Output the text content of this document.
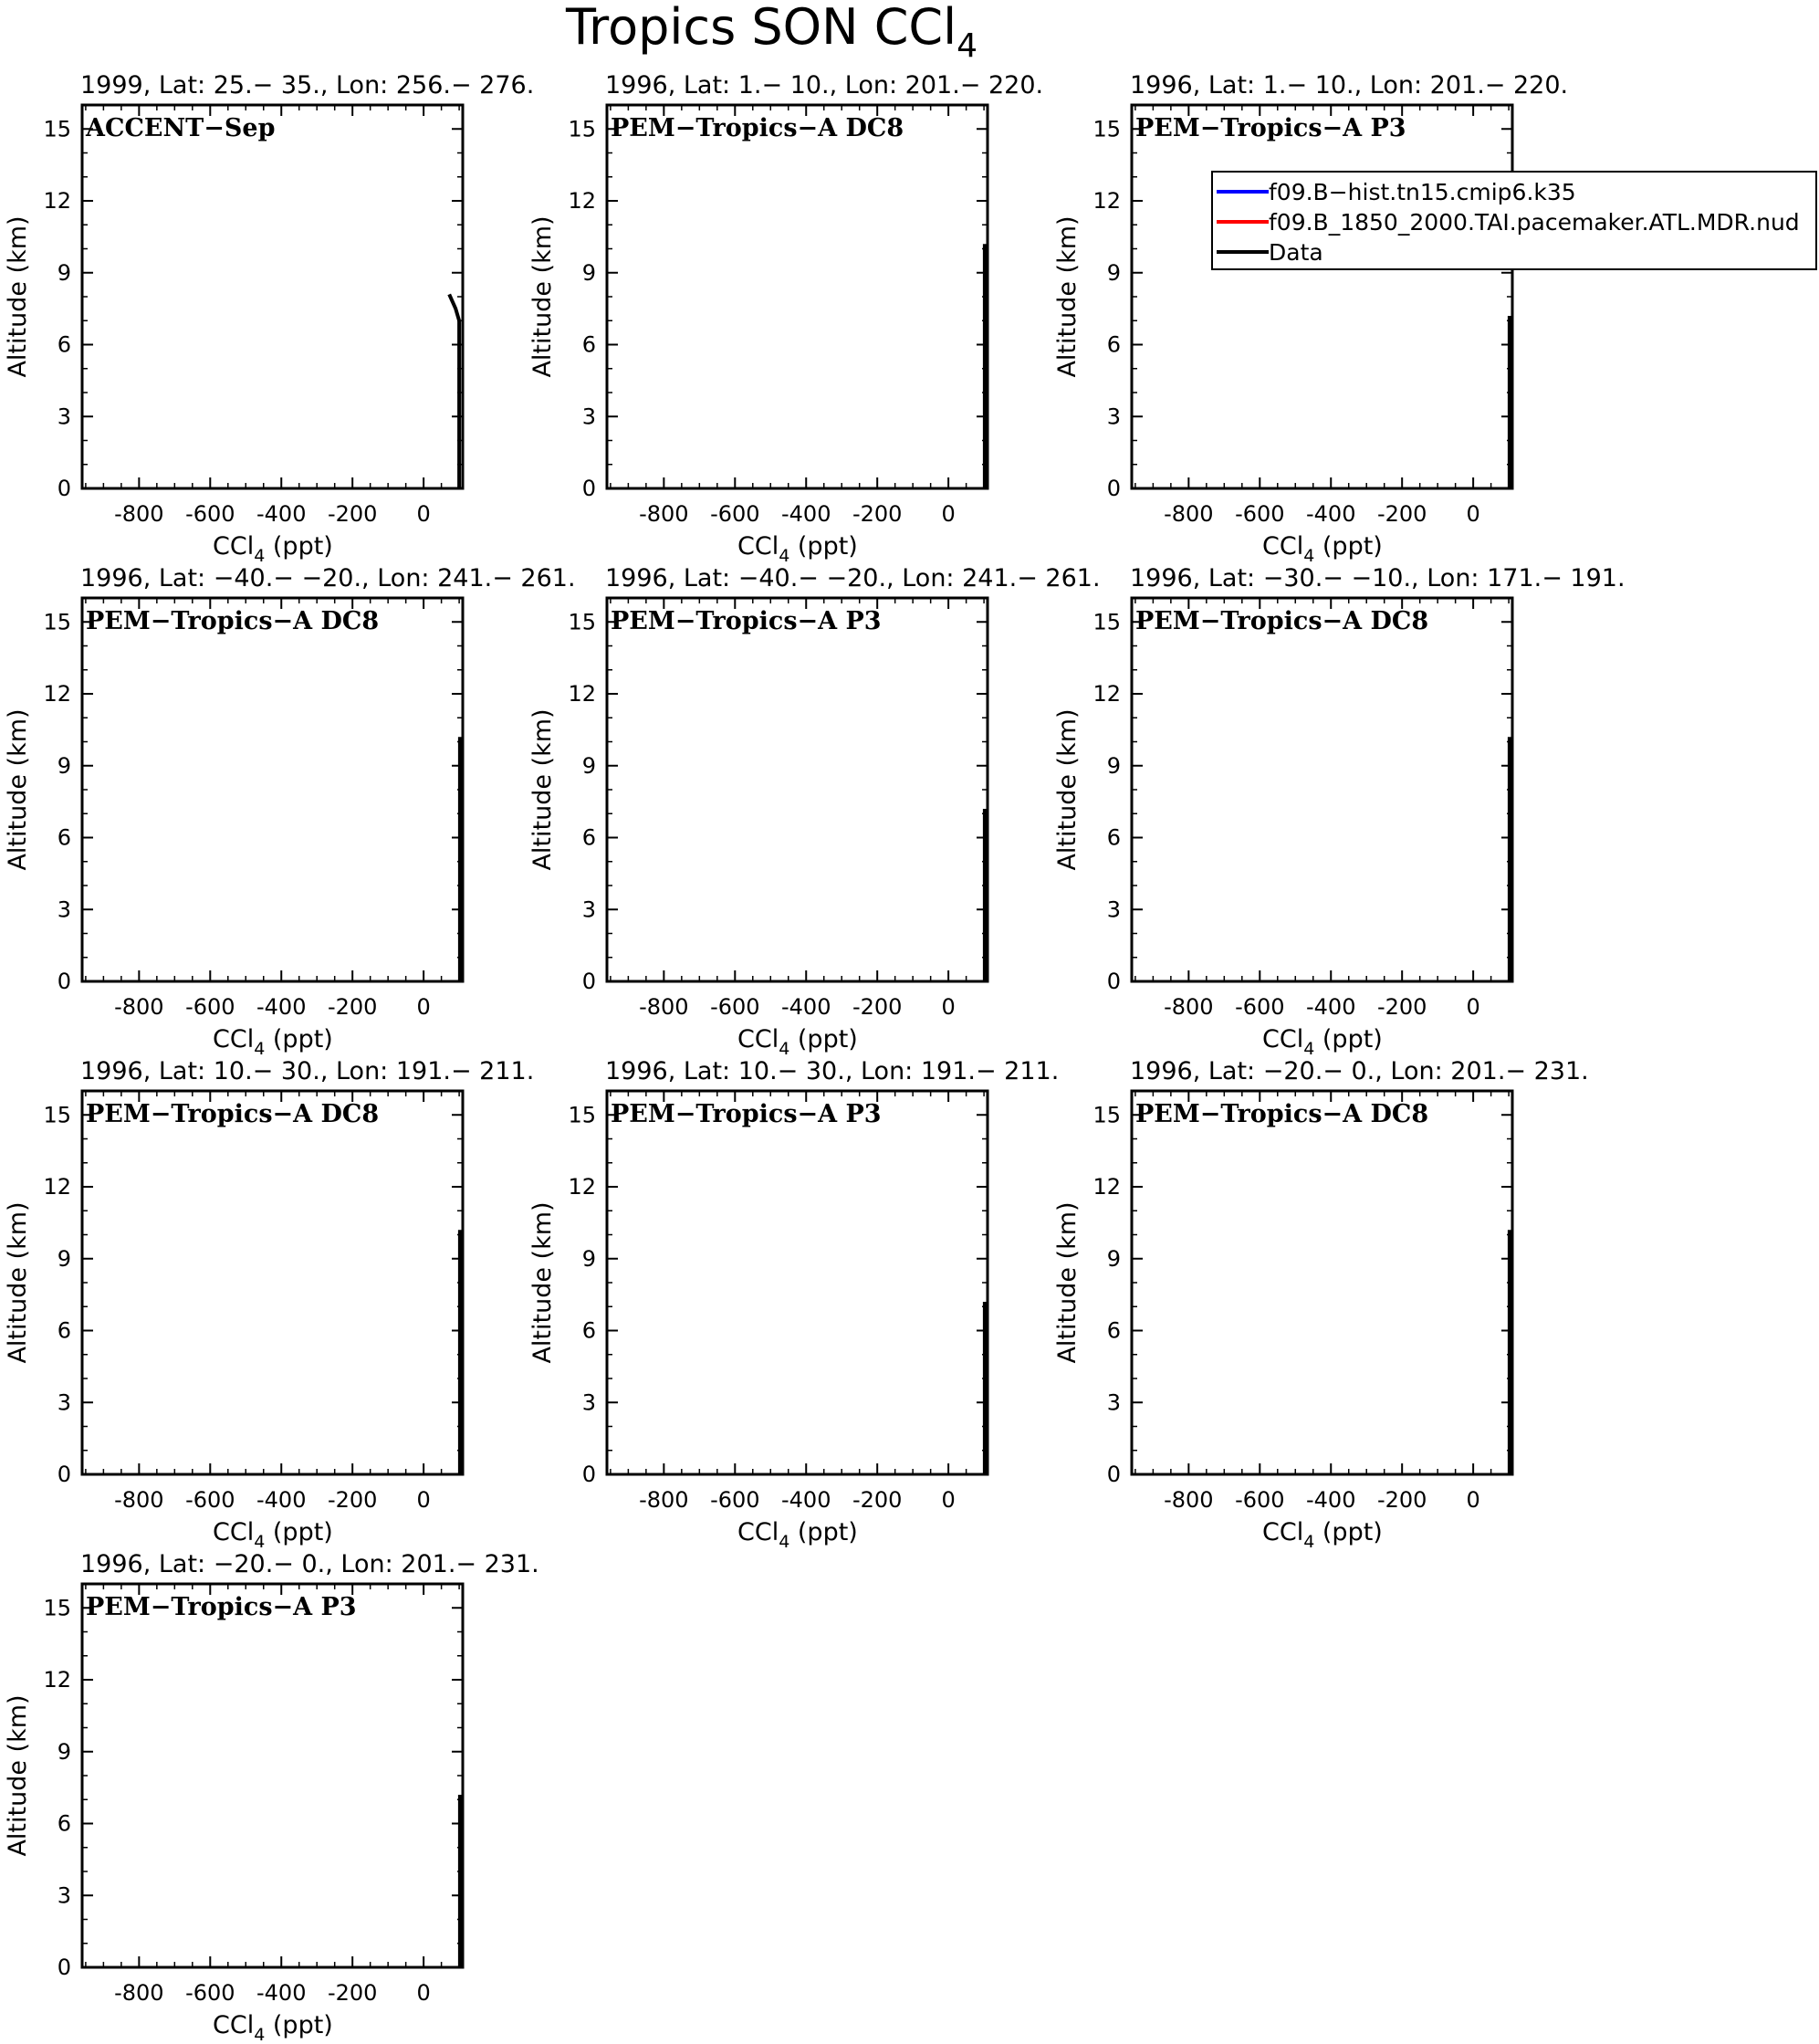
Tropics SON CCl$_4$
1999, Lat: 25.− 35., Lon: 256.− 276.
0
3
6
9
12
15
-800 -600 -400 -200 0
ACCENT−Sep
Altitude (km)
CCl$_4$ (ppt)
1996, Lat: 1.− 10., Lon: 201.− 220.
0
3
6
9
12
15
-800 -600 -400 -200 0
PEM−Tropics−A DC8
Altitude (km)
CCl$_4$ (ppt)
1996, Lat: 1.− 10., Lon: 201.− 220.
0
3
6
9
12
15
-800 -600 -400 -200 0
PEM−Tropics−A P3
Altitude (km)
CCl$_4$ (ppt)
1996, Lat: −40.− −20., Lon: 241.− 261.
0
3
6
9
12
15
-800 -600 -400 -200 0
PEM−Tropics−A DC8
Altitude (km)
CCl$_4$ (ppt)
1996, Lat: −40.− −20., Lon: 241.− 261.
0
3
6
9
12
15
-800 -600 -400 -200 0
PEM−Tropics−A P3
Altitude (km)
CCl$_4$ (ppt)
1996, Lat: −30.− −10., Lon: 171.− 191.
0
3
6
9
12
15
-800 -600 -400 -200 0
PEM−Tropics−A DC8
Altitude (km)
CCl$_4$ (ppt)
1996, Lat: 10.− 30., Lon: 191.− 211.
0
3
6
9
12
15
-800 -600 -400 -200 0
PEM−Tropics−A DC8
Altitude (km)
CCl$_4$ (ppt)
1996, Lat: 10.− 30., Lon: 191.− 211.
0
3
6
9
12
15
-800 -600 -400 -200 0
PEM−Tropics−A P3
Altitude (km)
CCl$_4$ (ppt)
1996, Lat: −20.− 0., Lon: 201.− 231.
0
3
6
9
12
15
-800 -600 -400 -200 0
PEM−Tropics−A DC8
Altitude (km)
CCl$_4$ (ppt)
1996, Lat: −20.− 0., Lon: 201.− 231.
0
3
6
9
12
15
-800 -600 -400 -200 0
PEM−Tropics−A P3
Altitude (km)
CCl$_4$ (ppt)
f09.B−hist.tn15.cmip6.k35
f09.B_1850_2000.TAI.pacemaker.ATL.MDR.nud
Data
